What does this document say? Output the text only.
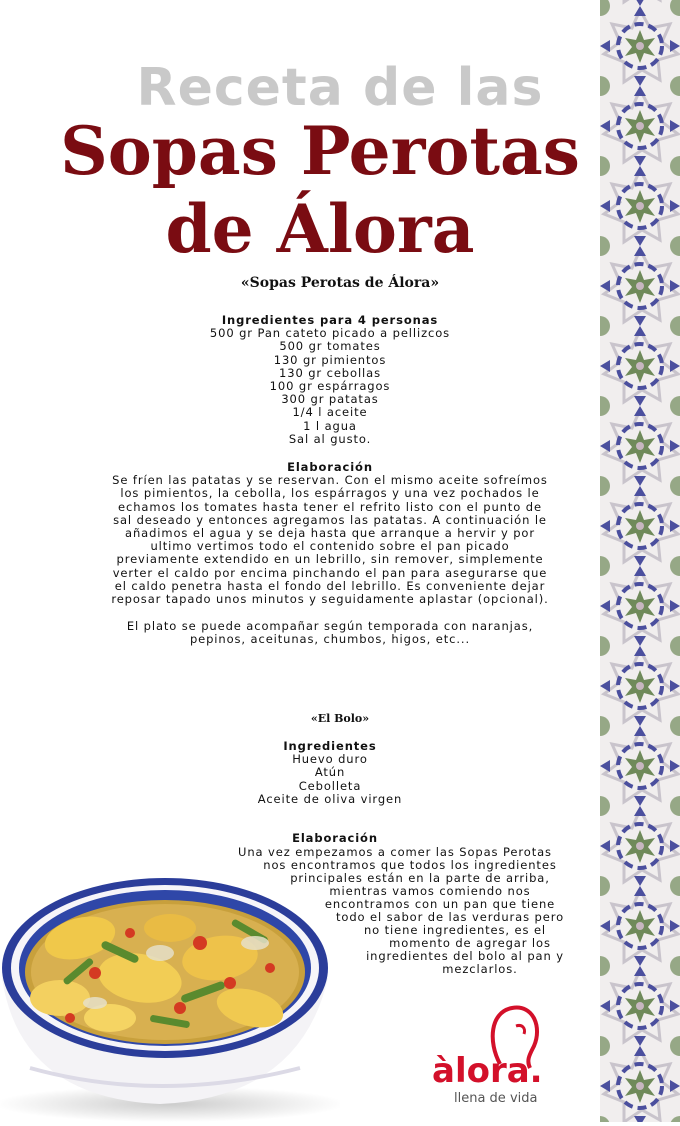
Receta de las
Sopas Perotas
de Álora
«Sopas Perotas de Álora»
Ingredientes para 4 personas
500 gr Pan cateto picado a pellizcos
500 gr tomates
130 gr pimientos
130 gr cebollas
100 gr espárragos
300 gr patatas
1/4 l aceite
1 l agua
Sal al gusto.
Elaboración
Se fríen las patatas y se reservan. Con el mismo aceite sofreímos
los pimientos, la cebolla, los espárragos y una vez pochados le
echamos los tomates hasta tener el refrito listo con el punto de
sal deseado y entonces agregamos las patatas. A continuación le
añadimos el agua y se deja hasta que arranque a hervir y por
ultimo vertimos todo el contenido sobre el pan picado
previamente extendido en un lebrillo, sin remover, simplemente
verter el caldo por encima pinchando el pan para asegurarse que
el caldo penetra hasta el fondo del lebrillo. Es conveniente dejar
reposar tapado unos minutos y seguidamente aplastar (opcional).
El plato se puede acompañar según temporada con naranjas,
pepinos, aceitunas, chumbos, higos, etc...
«El Bolo»
Ingredientes
Huevo duro
Atún
Cebolleta
Aceite de oliva virgen
Elaboración
Una vez empezamos a comer las Sopas Perotas
nos encontramos que todos los ingredientes
principales están en la parte de arriba,
mientras vamos comiendo nos
encontramos con un pan que tiene
todo el sabor de las verduras pero
no tiene ingredientes, es el
momento de agregar los
ingredientes del bolo al pan y
mezclarlos.
àlora.
llena de vida
